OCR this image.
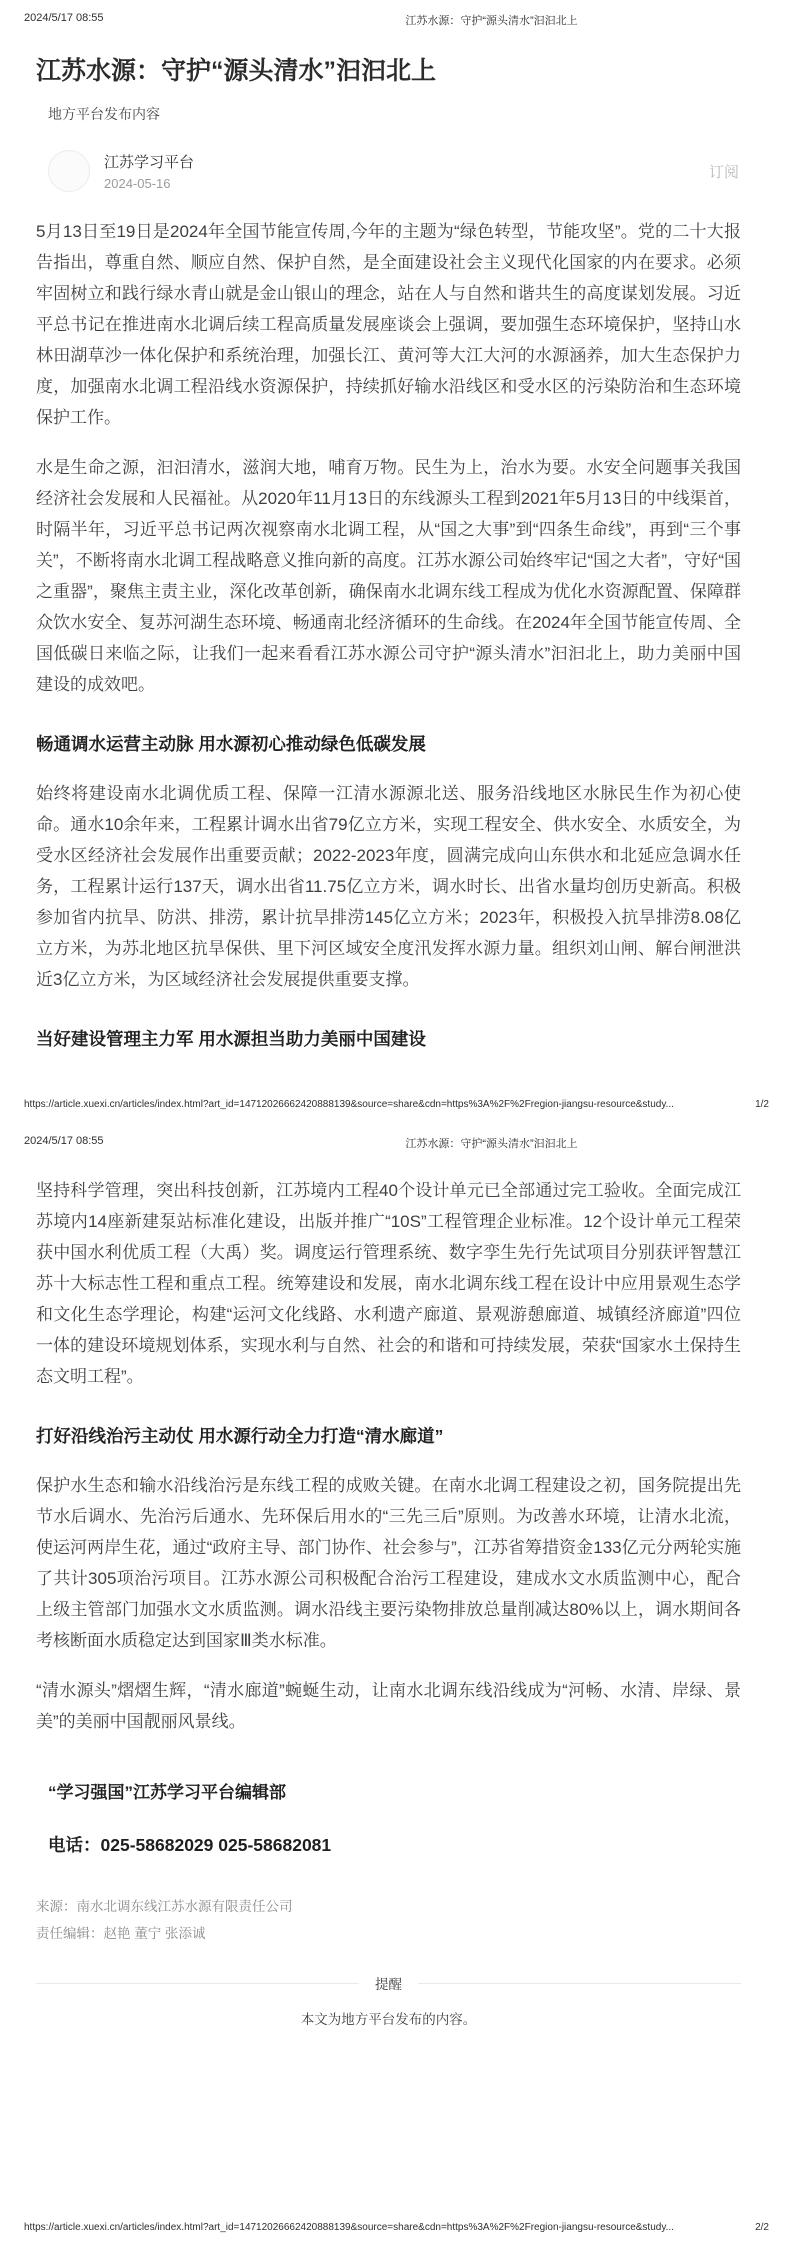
2024/5/17 08:55	江苏水源：守护“源头清水”汩汩北上
江苏水源：守护“源头清水”汩汩北上
地方平台发布内容
江苏学习平台
2024-05-16
订阅

5月13日至19日是2024年全国节能宣传周,今年的主题为“绿色转型，节能攻坚”。党的二十大报告指出，尊重自然、顺应自然、保护自然，是全面建设社会主义现代化国家的内在要求。必须牢固树立和践行绿水青山就是金山银山的理念，站在人与自然和谐共生的高度谋划发展。习近平总书记在推进南水北调后续工程高质量发展座谈会上强调，要加强生态环境保护，坚持山水林田湖草沙一体化保护和系统治理，加强长江、黄河等大江大河的水源涵养，加大生态保护力度，加强南水北调工程沿线水资源保护，持续抓好输水沿线区和受水区的污染防治和生态环境保护工作。

水是生命之源，汩汩清水，滋润大地，哺育万物。民生为上，治水为要。水安全问题事关我国经济社会发展和人民福祉。从2020年11月13日的东线源头工程到2021年5月13日的中线渠首，时隔半年，习近平总书记两次视察南水北调工程，从“国之大事”到“四条生命线”，再到“三个事关”，不断将南水北调工程战略意义推向新的高度。江苏水源公司始终牢记“国之大者”，守好“国之重器”，聚焦主责主业，深化改革创新，确保南水北调东线工程成为优化水资源配置、保障群众饮水安全、复苏河湖生态环境、畅通南北经济循环的生命线。在2024年全国节能宣传周、全国低碳日来临之际，让我们一起来看看江苏水源公司守护“源头清水”汩汩北上，助力美丽中国建设的成效吧。

畅通调水运营主动脉 用水源初心推动绿色低碳发展

始终将建设南水北调优质工程、保障一江清水源源北送、服务沿线地区水脉民生作为初心使命。通水10余年来，工程累计调水出省79亿立方米，实现工程安全、供水安全、水质安全，为受水区经济社会发展作出重要贡献；2022-2023年度，圆满完成向山东供水和北延应急调水任务，工程累计运行137天，调水出省11.75亿立方米，调水时长、出省水量均创历史新高。积极参加省内抗旱、防洪、排涝，累计抗旱排涝145亿立方米；2023年，积极投入抗旱排涝8.08亿立方米，为苏北地区抗旱保供、里下河区域安全度汛发挥水源力量。组织刘山闸、解台闸泄洪近3亿立方米，为区域经济社会发展提供重要支撑。

当好建设管理主力军 用水源担当助力美丽中国建设
https://article.xuexi.cn/articles/index.html?art_id=14712026662420888139&source=share&cdn=https%3A%2F%2Fregion-jiangsu-resource&study...	1/2
2024/5/17 08:55	江苏水源：守护“源头清水”汩汩北上

坚持科学管理，突出科技创新，江苏境内工程40个设计单元已全部通过完工验收。全面完成江苏境内14座新建泵站标准化建设，出版并推广“10S”工程管理企业标准。12个设计单元工程荣获中国水利优质工程（大禹）奖。调度运行管理系统、数字孪生先行先试项目分别获评智慧江苏十大标志性工程和重点工程。统筹建设和发展，南水北调东线工程在设计中应用景观生态学和文化生态学理论，构建“运河文化线路、水利遗产廊道、景观游憩廊道、城镇经济廊道”四位一体的建设环境规划体系，实现水利与自然、社会的和谐和可持续发展，荣获“国家水土保持生态文明工程”。

打好沿线治污主动仗 用水源行动全力打造“清水廊道”

保护水生态和输水沿线治污是东线工程的成败关键。在南水北调工程建设之初，国务院提出先节水后调水、先治污后通水、先环保后用水的“三先三后”原则。为改善水环境，让清水北流，使运河两岸生花，通过“政府主导、部门协作、社会参与”，江苏省筹措资金133亿元分两轮实施了共计305项治污项目。江苏水源公司积极配合治污工程建设，建成水文水质监测中心，配合上级主管部门加强水文水质监测。调水沿线主要污染物排放总量削减达80%以上，调水期间各考核断面水质稳定达到国家Ⅲ类水标准。

“清水源头”熠熠生辉，“清水廊道”蜿蜒生动，让南水北调东线沿线成为“河畅、水清、岸绿、景美”的美丽中国靓丽风景线。

“学习强国”江苏学习平台编辑部
电话：025-58682029 025-58682081

来源：南水北调东线江苏水源有限责任公司

责任编辑：赵艳 董宁 张添诚

提醒
本文为地方平台发布的内容。
https://article.xuexi.cn/articles/index.html?art_id=14712026662420888139&source=share&cdn=https%3A%2F%2Fregion-jiangsu-resource&study...	2/2
